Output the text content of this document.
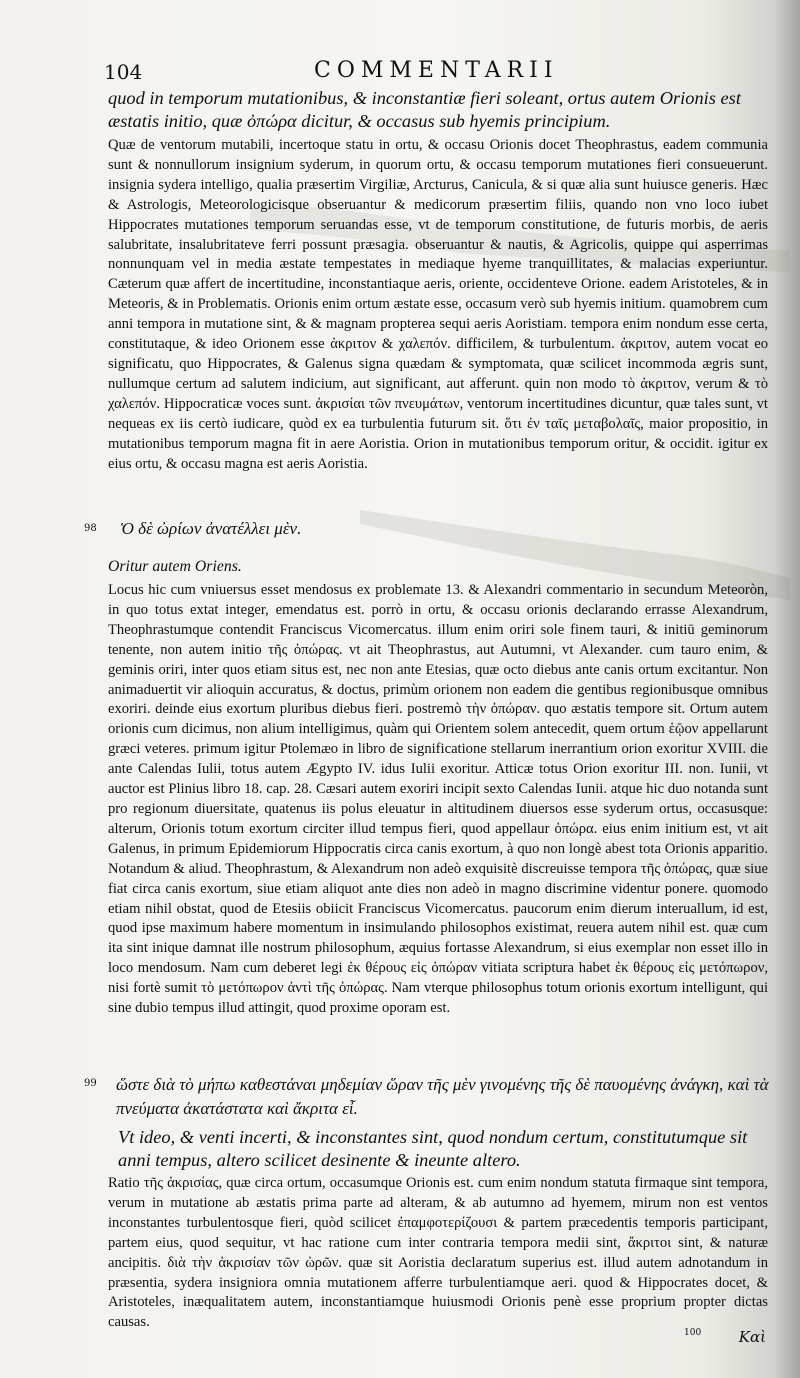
104	COMMENTARII
quod in temporum mutationibus, & inconstantiæ fieri soleant, ortus autem Orionis est æstatis initio, quæ ὀπώρα dicitur, & occasus sub hyemis principium.
Quæ de ventorum mutabili, incertoque statu in ortu, & occasu Orionis docet Theophrastus, eadem communia sunt & nonnullorum insignium syderum, in quorum ortu, & occasu temporum mutationes fieri consueuerunt. insignia sydera intelligo, qualia præsertim Virgiliæ, Arcturus, Canicula, & si quæ alia sunt huiusce generis. Hæc & Astrologis, Meteorologicisque obseruantur & medicorum præsertim filiis, quando non vno loco iubet Hippocrates mutationes temporum seruandas esse, vt de temporum constitutione, de futuris morbis, de aeris salubritate, insalubritateve ferri possunt præsagia. obseruantur & nautis, & Agricolis, quippe qui asperrimas nonnunquam vel in media æstate tempestates in mediaque hyeme tranquillitates, & malacias experiuntur. Cæterum quæ affert de incertitudine, inconstantiaque aeris, oriente, occidenteve Orione. eadem Aristoteles, & in Meteoris, & in Problematis. Orionis enim ortum æstate esse, occasum verò sub hyemis initium. quamobrem cum anni tempora in mutatione sint, & & magnam propterea sequi aeris Aoristiam. tempora enim nondum esse certa, constitutaque, & ideo Orionem esse ἀκριτον & χαλεπόν. difficilem, & turbulentum. ἀκριτον, autem vocat eo significatu, quo Hippocrates, & Galenus signa quædam & symptomata, quæ scilicet incommoda ægris sunt, nullumque certum ad salutem indicium, aut significant, aut afferunt. quin non modo τὸ ἀκριτον, verum & τὸ χαλεπόν. Hippocraticæ voces sunt. ἀκρισίαι τῶν πνευμάτων, ventorum incertitudines dicuntur, quæ tales sunt, vt nequeas ex iis certò iudicare, quòd ex ea turbulentia futurum sit. ὅτι ἐν ταῖς μεταβολαῖς, maior propositio, in mutationibus temporum magna fit in aere Aoristia. Orion in mutationibus temporum oritur, & occidit. igitur ex eius ortu, & occasu magna est aeris Aoristia.
98 Ὁ δὲ ὠρίων ἀνατέλλει μὲν.
Oritur autem Oriens.
Locus hic cum vniuersus esset mendosus ex problemate 13. & Alexandri commentario in secundum Meteoròn, in quo totus extat integer, emendatus est. porrò in ortu, & occasu orionis declarando errasse Alexandrum, Theophrastumque contendit Franciscus Vicomercatus. illum enim oriri sole finem tauri, & initiū geminorum tenente, non autem initio τῆς ὀπώρας. vt ait Theophrastus, aut Autumni, vt Alexander. cum tauro enim, & geminis oriri, inter quos etiam situs est, nec non ante Etesias, quæ octo diebus ante canis ortum excitantur. Non animaduertit vir alioquin accuratus, & doctus, primùm orionem non eadem die gentibus regionibusque omnibus exoriri. deinde eius exortum pluribus diebus fieri. postremò τὴν ὀπώραν. quo æstatis tempore sit. Ortum autem orionis cum dicimus, non alium intelligimus, quàm qui Orientem solem antecedit, quem ortum ἑῷον appellarunt græci veteres. primum igitur Ptolemæo in libro de significatione stellarum inerrantium orion exoritur XVIII. die ante Calendas Iulii, totus autem Ægypto IV. idus Iulii exoritur. Atticæ totus Orion exoritur III. non. Iunii, vt auctor est Plinius libro 18. cap. 28. Cæsari autem exoriri incipit sexto Calendas Iunii. atque hic duo notanda sunt pro regionum diuersitate, quatenus iis polus eleuatur in altitudinem diuersos esse syderum ortus, occasusque: alterum, Orionis totum exortum circiter illud tempus fieri, quod appellaur ὀπώρα. eius enim initium est, vt ait Galenus, in primum Epidemiorum Hippocratis circa canis exortum, à quo non longè abest tota Orionis apparitio. Notandum & aliud. Theophrastum, & Alexandrum non adeò exquisitè discreuisse tempora τῆς ὀπώρας, quæ siue fiat circa canis exortum, siue etiam aliquot ante dies non adeò in magno discrimine videntur ponere. quomodo etiam nihil obstat, quod de Etesiis obiicit Franciscus Vicomercatus. paucorum enim dierum interuallum, id est, quod ipse maximum habere momentum in insimulando philosophos existimat, reuera autem nihil est. quæ cum ita sint inique damnat ille nostrum philosophum, æquius fortasse Alexandrum, si eius exemplar non esset illo in loco mendosum. Nam cum deberet legi ἐκ θέρους εἰς ὀπώραν vitiata scriptura habet ἐκ θέρους εἰς μετόπωρον, nisi fortè sumit τὸ μετόπωρον ἀντὶ τῆς ὀπώρας. Nam vterque philosophus totum orionis exortum intelligunt, qui sine dubio tempus illud attingit, quod proxime oporam est.
99 ὥστε διὰ τὸ μήπω καθεστάναι μηδεμίαν ὥραν τῆς μὲν γινομένης τῆς δὲ παυομένης ἀνάγκη, καὶ τὰ πνεύματα ἀκατάστατα καὶ ἄκριτα εἶ.
Vt ideo, & venti incerti, & inconstantes sint, quod nondum certum, constitutumque sit anni tempus, altero scilicet desinente & ineunte altero.
Ratio τῆς ἀκρισίας, quæ circa ortum, occasumque Orionis est. cum enim nondum statuta firmaque sint tempora, verum in mutatione ab æstatis prima parte ad alteram, & ab autumno ad hyemem, mirum non est ventos inconstantes turbulentosque fieri, quòd scilicet ἐπαμφοτερίζουσι & partem præcedentis temporis participant, partem eius, quod sequitur, vt hac ratione cum inter contraria tempora medii sint, ἄκριτοι sint, & naturæ ancipitis. διὰ τὴν ἀκρισίαν τῶν ὡρῶν. quæ sit Aoristia declaratum superius est. illud autem adnotandum in præsentia, sydera insigniora omnia mutationem afferre turbulentiamque aeri. quod & Hippocrates docet, & Aristoteles, inæqualitatem autem, inconstantiamque huiusmodi Orionis penè esse proprium propter dictas causas.
100	Καὶ
